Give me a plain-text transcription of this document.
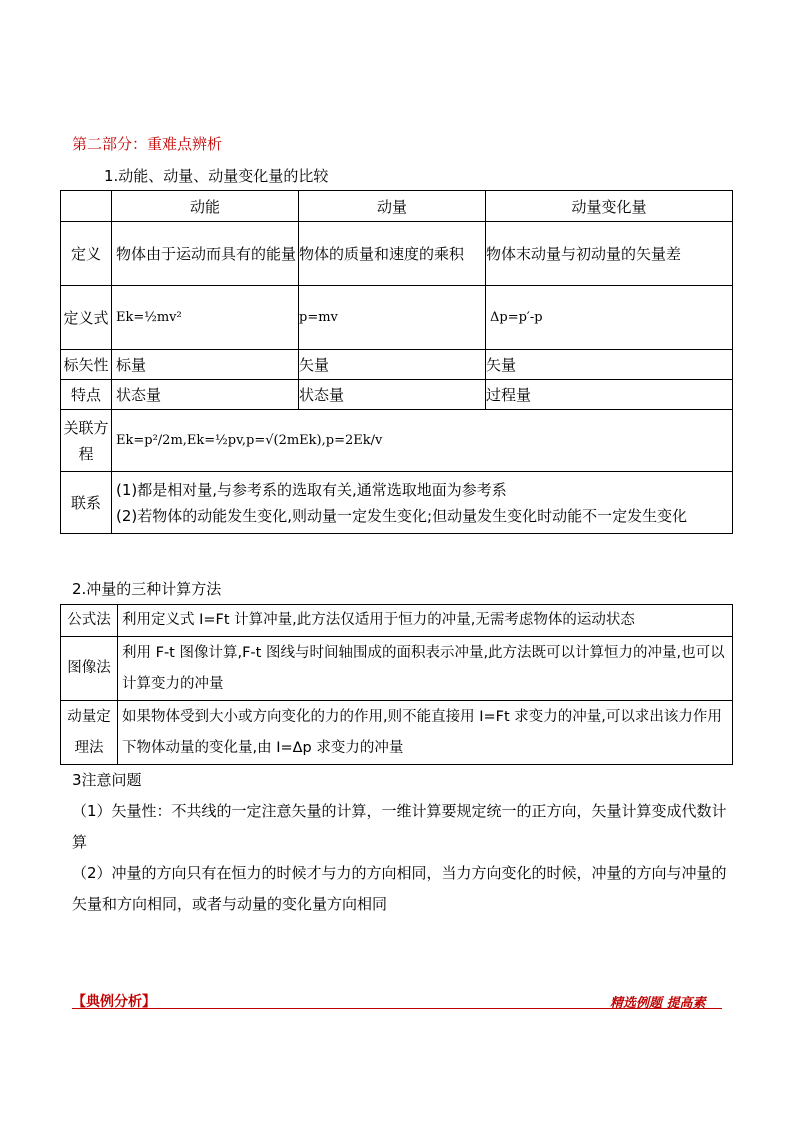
第二部分：重难点辨析
1.动能、动量、动量变化量的比较
	动能	动量	动量变化量
定义	物体由于运动而具有的能量	物体的质量和速度的乘积	物体末动量与初动量的矢量差
定义式	Ek=½mv²	p=mv	Δp=p′-p
标矢性	标量	矢量	矢量
特点	状态量	状态量	过程量
关联方程	Ek=p²/2m,Ek=½pv,p=√(2mEk),p=2Ek/v		
联系	(1)都是相对量,与参考系的选取有关,通常选取地面为参考系
(2)若物体的动能发生变化,则动量一定发生变化;但动量发生变化时动能不一定发生变化		
2.冲量的三种计算方法
公式法	利用定义式 I=Ft 计算冲量,此方法仅适用于恒力的冲量,无需考虑物体的运动状态
图像法	利用 F-t 图像计算,F-t 图线与时间轴围成的面积表示冲量,此方法既可以计算恒力的冲量,也可以计算变力的冲量
动量定理法	如果物体受到大小或方向变化的力的作用,则不能直接用 I=Ft 求变力的冲量,可以求出该力作用下物体动量的变化量,由 I=Δp 求变力的冲量
3注意问题
（1）矢量性：不共线的一定注意矢量的计算，一维计算要规定统一的正方向，矢量计算变成代数计算
（2）冲量的方向只有在恒力的时候才与力的方向相同，当力方向变化的时候，冲量的方向与冲量的矢量和方向相同，或者与动量的变化量方向相同
【典例分析】	精选例题 提高素
